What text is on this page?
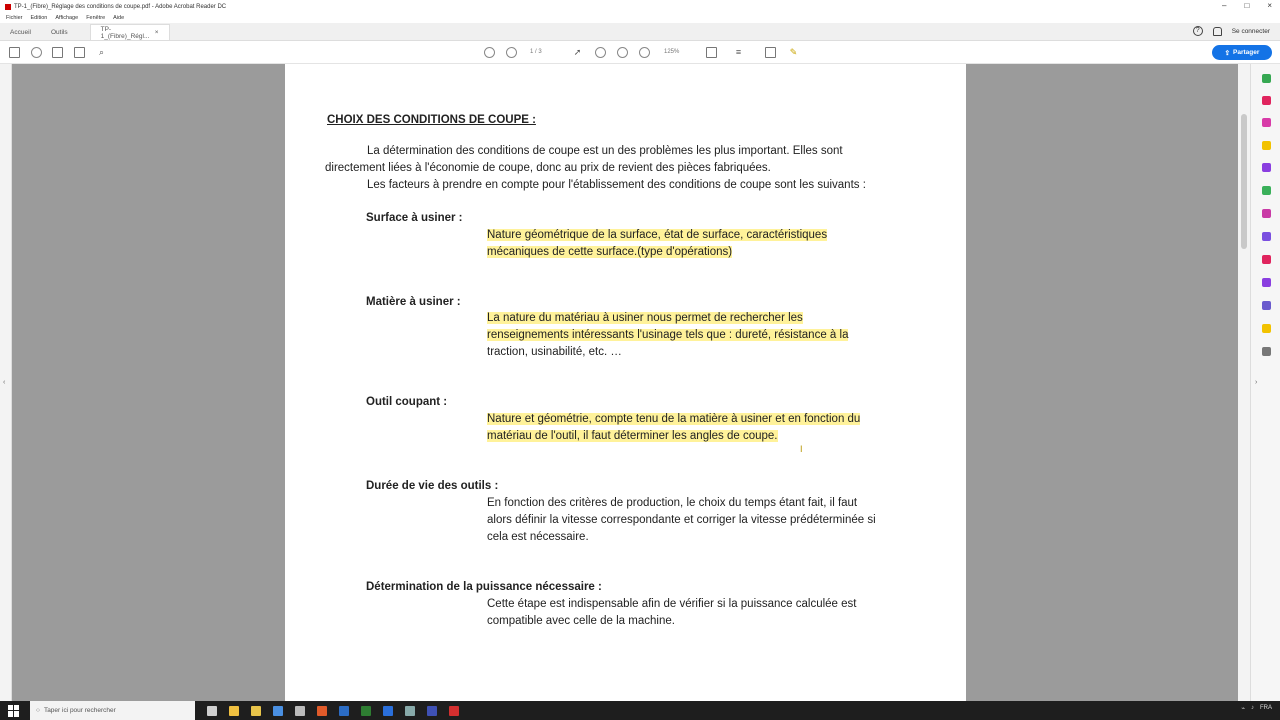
TP-1_(Fibre)_Réglage des conditions de coupe.pdf - Adobe Acrobat Reader DC	– □ ×
Fichier Edition Affichage Fenêtre Aide
Accueil	Outils	TP-1_(Fibre)_Régl... ×	?	Se connecter
⌕	1 / 3	➚	125%	≡	✎	⇪ Partager
‹
CHOIX DES CONDITIONS DE COUPE :
La détermination des conditions de coupe est un des problèmes les plus important. Elles sont
directement liées à l'économie de coupe, donc au prix de revient des pièces fabriquées.
Les facteurs à prendre en compte pour l'établissement des conditions de coupe sont les suivants :
Surface à usiner :
Nature géométrique de la surface, état de surface, caractéristiques
mécaniques de cette surface.(type d'opérations)
Matière à usiner :
La nature du matériau à usiner nous permet de rechercher les
renseignements intéressants l'usinage tels que : dureté, résistance à la
traction, usinabilité, etc. …
Outil coupant :
Nature et géométrie, compte tenu de la matière à usiner et en fonction du
matériau de l'outil, il faut déterminer les angles de coupe.
I
Durée de vie des outils :
En fonction des critères de production, le choix du temps étant fait, il faut
alors définir la vitesse correspondante et corriger la vitesse prédéterminée si
cela est nécessaire.
Détermination de la puissance nécessaire :
Cette étape est indispensable afin de vérifier si la puissance calculée est
compatible avec celle de la machine.
›
○ Taper ici pour rechercher	⌁ ♪ FRA
